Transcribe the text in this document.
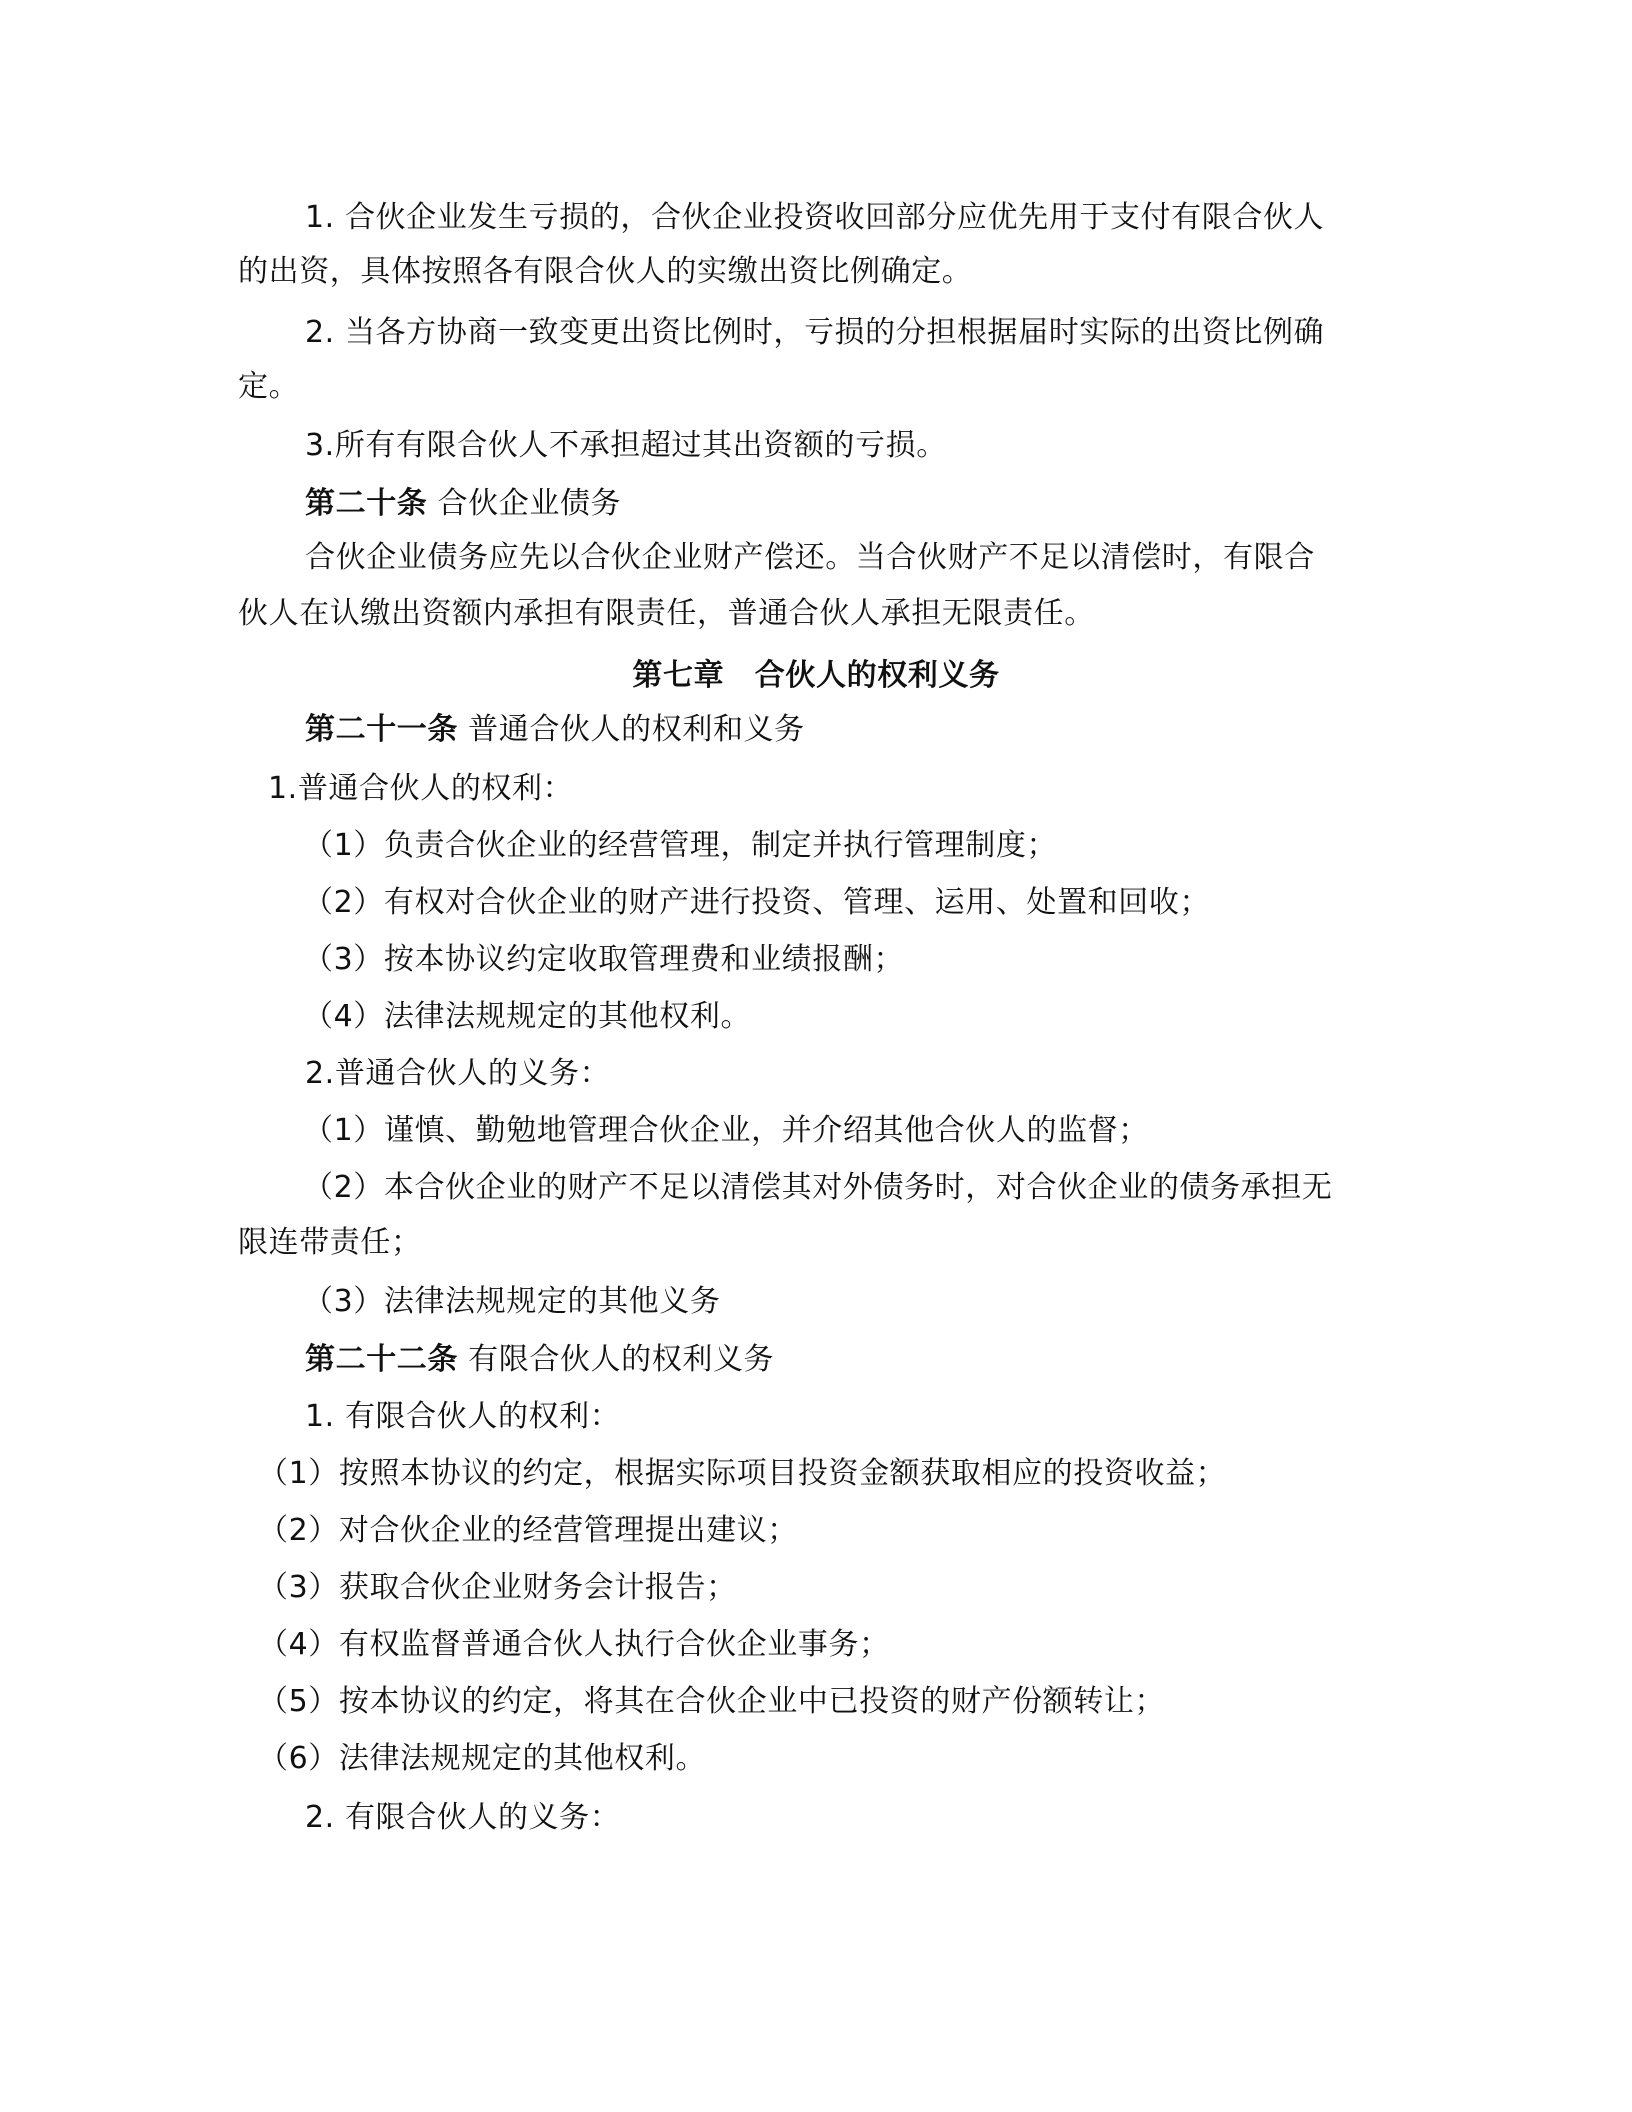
1. 合伙企业发生亏损的，合伙企业投资收回部分应优先用于支付有限合伙人
的出资，具体按照各有限合伙人的实缴出资比例确定。
2. 当各方协商一致变更出资比例时，亏损的分担根据届时实际的出资比例确
定。
3.所有有限合伙人不承担超过其出资额的亏损。
第二十条 合伙企业债务
合伙企业债务应先以合伙企业财产偿还。当合伙财产不足以清偿时，有限合
伙人在认缴出资额内承担有限责任，普通合伙人承担无限责任。
第七章　合伙人的权利义务
第二十一条 普通合伙人的权利和义务
1.普通合伙人的权利：
（1）负责合伙企业的经营管理，制定并执行管理制度；
（2）有权对合伙企业的财产进行投资、管理、运用、处置和回收；
（3）按本协议约定收取管理费和业绩报酬；
（4）法律法规规定的其他权利。
2.普通合伙人的义务：
（1）谨慎、勤勉地管理合伙企业，并介绍其他合伙人的监督；
（2）本合伙企业的财产不足以清偿其对外债务时，对合伙企业的债务承担无
限连带责任；
（3）法律法规规定的其他义务
第二十二条 有限合伙人的权利义务
1. 有限合伙人的权利：
（1）按照本协议的约定，根据实际项目投资金额获取相应的投资收益；
（2）对合伙企业的经营管理提出建议；
（3）获取合伙企业财务会计报告；
（4）有权监督普通合伙人执行合伙企业事务；
（5）按本协议的约定，将其在合伙企业中已投资的财产份额转让；
（6）法律法规规定的其他权利。
2. 有限合伙人的义务：
